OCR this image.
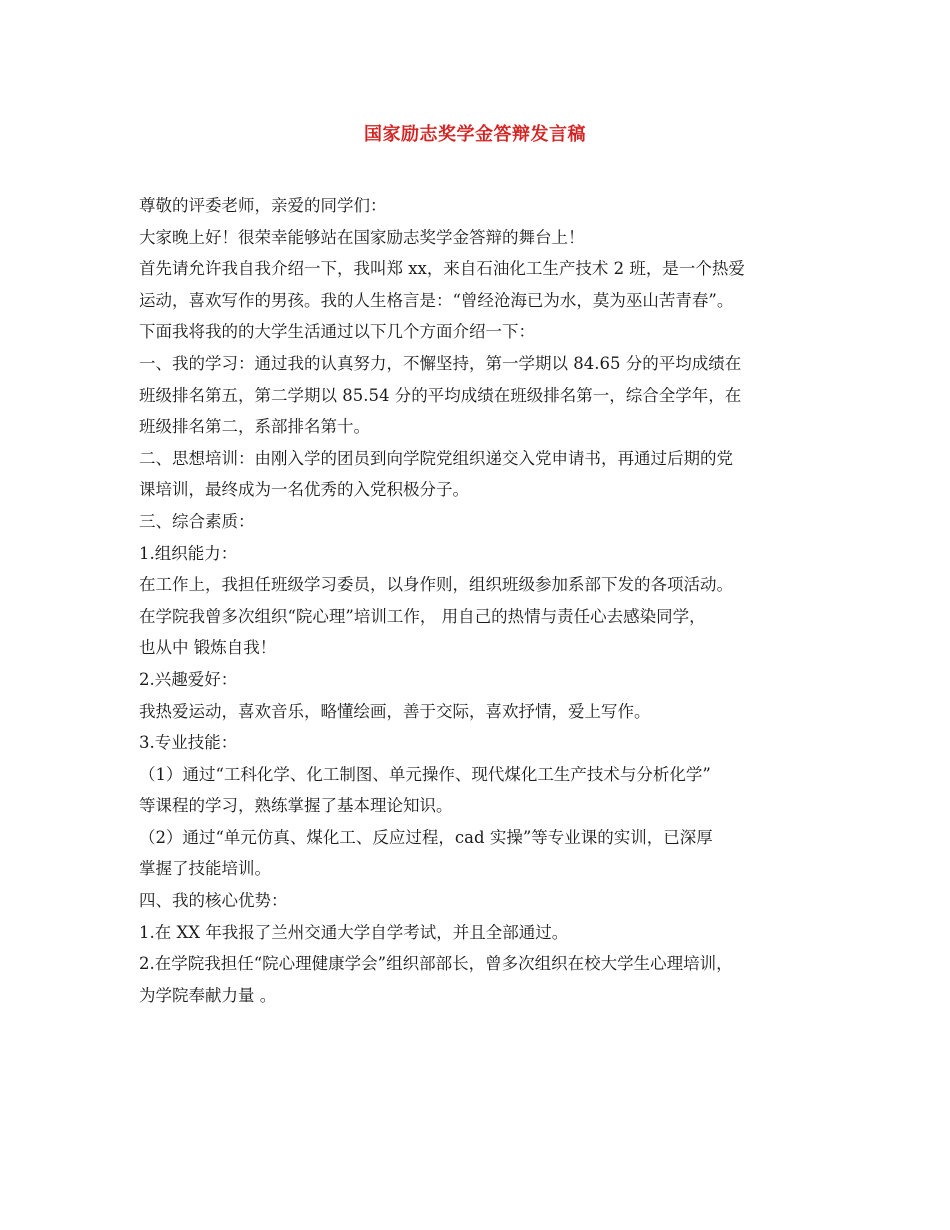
国家励志奖学金答辩发言稿
尊敬的评委老师，亲爱的同学们：
大家晚上好！很荣幸能够站在国家励志奖学金答辩的舞台上！
首先请允许我自我介绍一下，我叫郑 xx，来自石油化工生产技术 2 班，是一个热爱
运动，喜欢写作的男孩。我的人生格言是：“曾经沧海已为水，莫为巫山苦青春”。
下面我将我的的大学生活通过以下几个方面介绍一下：
一、我的学习：通过我的认真努力，不懈坚持，第一学期以 84.65 分的平均成绩在
班级排名第五，第二学期以 85.54 分的平均成绩在班级排名第一，综合全学年，在
班级排名第二，系部排名第十。
二、思想培训：由刚入学的团员到向学院党组织递交入党申请书，再通过后期的党
课培训，最终成为一名优秀的入党积极分子。
三、综合素质：
1.组织能力：
在工作上，我担任班级学习委员，以身作则，组织班级参加系部下发的各项活动。
在学院我曾多次组织“院心理”培训工作， 用自己的热情与责任心去感染同学，
也从中 锻炼自我！
2.兴趣爱好：
我热爱运动，喜欢音乐，略懂绘画，善于交际，喜欢抒情，爱上写作。
3.专业技能：
（1）通过“工科化学、化工制图、单元操作、现代煤化工生产技术与分析化学”
等课程的学习，熟练掌握了基本理论知识。
（2）通过“单元仿真、煤化工、反应过程，cad 实操”等专业课的实训，已深厚
掌握了技能培训。
四、我的核心优势：
1.在 XX 年我报了兰州交通大学自学考试，并且全部通过。
2.在学院我担任“院心理健康学会”组织部部长，曾多次组织在校大学生心理培训，
为学院奉献力量 。
